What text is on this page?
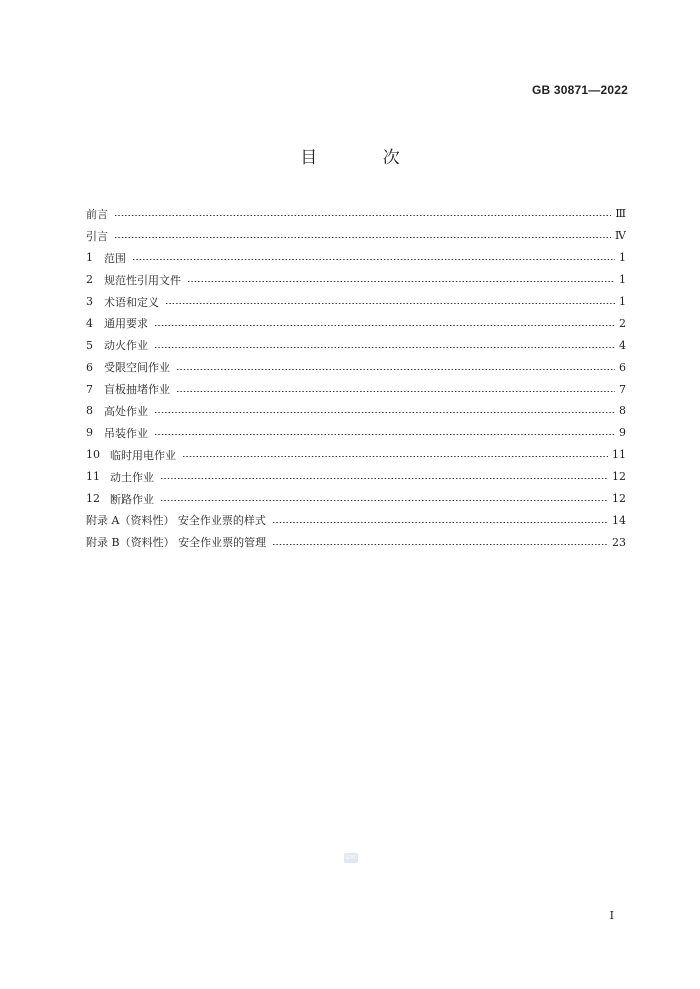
GB 30871—2022
目 次
前言	Ⅲ
引言	Ⅳ
1	范围	1
2	规范性引用文件	1
3	术语和定义	1
4	通用要求	2
5	动火作业	4
6	受限空间作业	6
7	盲板抽堵作业	7
8	高处作业	8
9	吊装作业	9
10 临时用电作业	11
11 动土作业	12
12 断路作业	12
附录 A（资料性） 安全作业票的样式	14
附录 B（资料性） 安全作业票的管理	23
SDIC
I
